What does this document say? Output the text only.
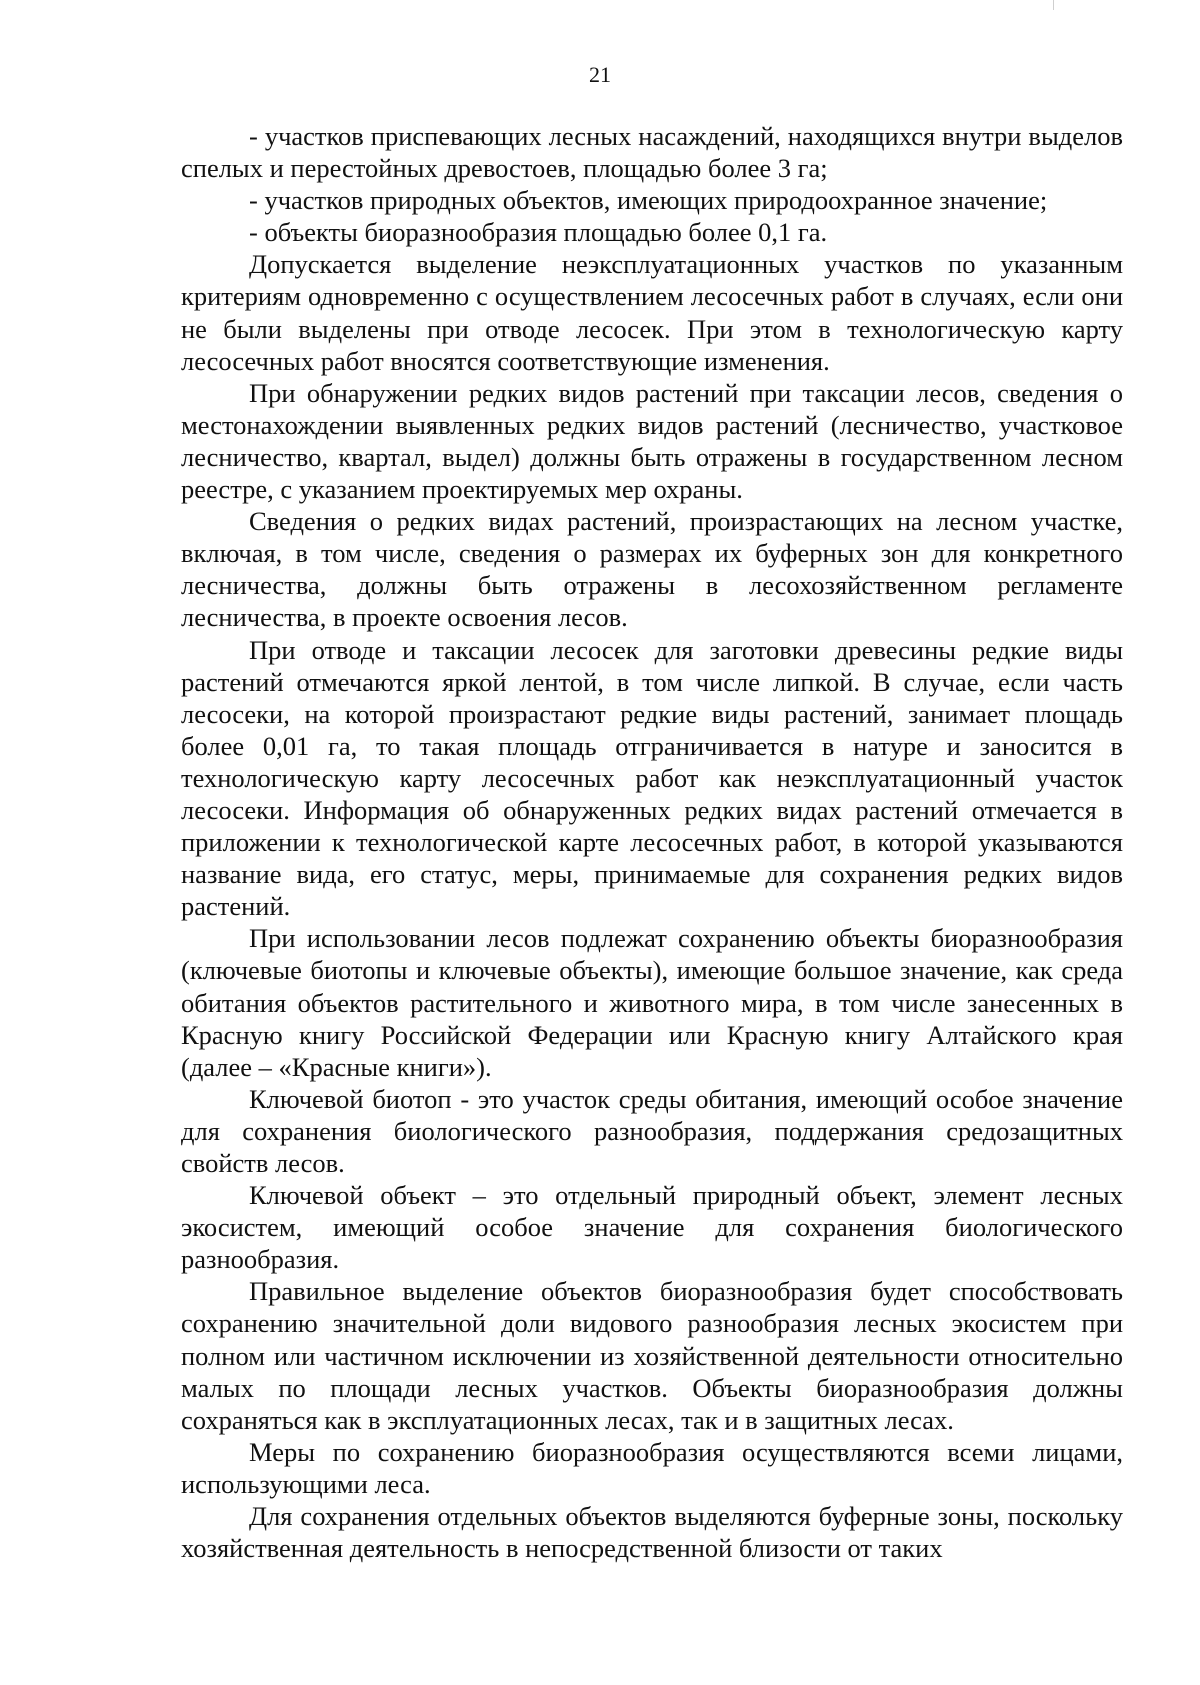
21

- участков приспевающих лесных насаждений, находящихся внутри выделов спелых и перестойных древостоев, площадью более 3 га;

- участков природных объектов, имеющих природоохранное значение;

- объекты биоразнообразия площадью более 0,1 га.

Допускается выделение неэксплуатационных участков по указанным критериям одновременно с осуществлением лесосечных работ в случаях, если они не были выделены при отводе лесосек. При этом в технологическую карту лесосечных работ вносятся соответствующие изменения.

При обнаружении редких видов растений при таксации лесов, сведения о местонахождении выявленных редких видов растений (лесничество, участковое лесничество, квартал, выдел) должны быть отражены в государственном лесном реестре, с указанием проектируемых мер охраны.

Сведения о редких видах растений, произрастающих на лесном участке, включая, в том числе, сведения о размерах их буферных зон для конкретного лесничества, должны быть отражены в лесохозяйственном регламенте лесничества, в проекте освоения лесов.

При отводе и таксации лесосек для заготовки древесины редкие виды растений отмечаются яркой лентой, в том числе липкой. В случае, если часть лесосеки, на которой произрастают редкие виды растений, занимает площадь более 0,01 га, то такая площадь отграничивается в натуре и заносится в технологическую карту лесосечных работ как неэксплуатационный участок лесосеки. Информация об обнаруженных редких видах растений отмечается в приложении к технологической карте лесосечных работ, в которой указываются название вида, его статус, меры, принимаемые для сохранения редких видов растений.

При использовании лесов подлежат сохранению объекты биоразнообразия (ключевые биотопы и ключевые объекты), имеющие большое значение, как среда обитания объектов растительного и животного мира, в том числе занесенных в Красную книгу Российской Федерации или Красную книгу Алтайского края (далее – «Красные книги»).

Ключевой биотоп - это участок среды обитания, имеющий особое значение для сохранения биологического разнообразия, поддержания средозащитных свойств лесов.

Ключевой объект – это отдельный природный объект, элемент лесных экосистем, имеющий особое значение для сохранения биологического разнообразия.

Правильное выделение объектов биоразнообразия будет способствовать сохранению значительной доли видового разнообразия лесных экосистем при полном или частичном исключении из хозяйственной деятельности относительно малых по площади лесных участков. Объекты биоразнообразия должны сохраняться как в эксплуатационных лесах, так и в защитных лесах.

Меры по сохранению биоразнообразия осуществляются всеми лицами, использующими леса.

Для сохранения отдельных объектов выделяются буферные зоны, поскольку хозяйственная деятельность в непосредственной близости от таких
